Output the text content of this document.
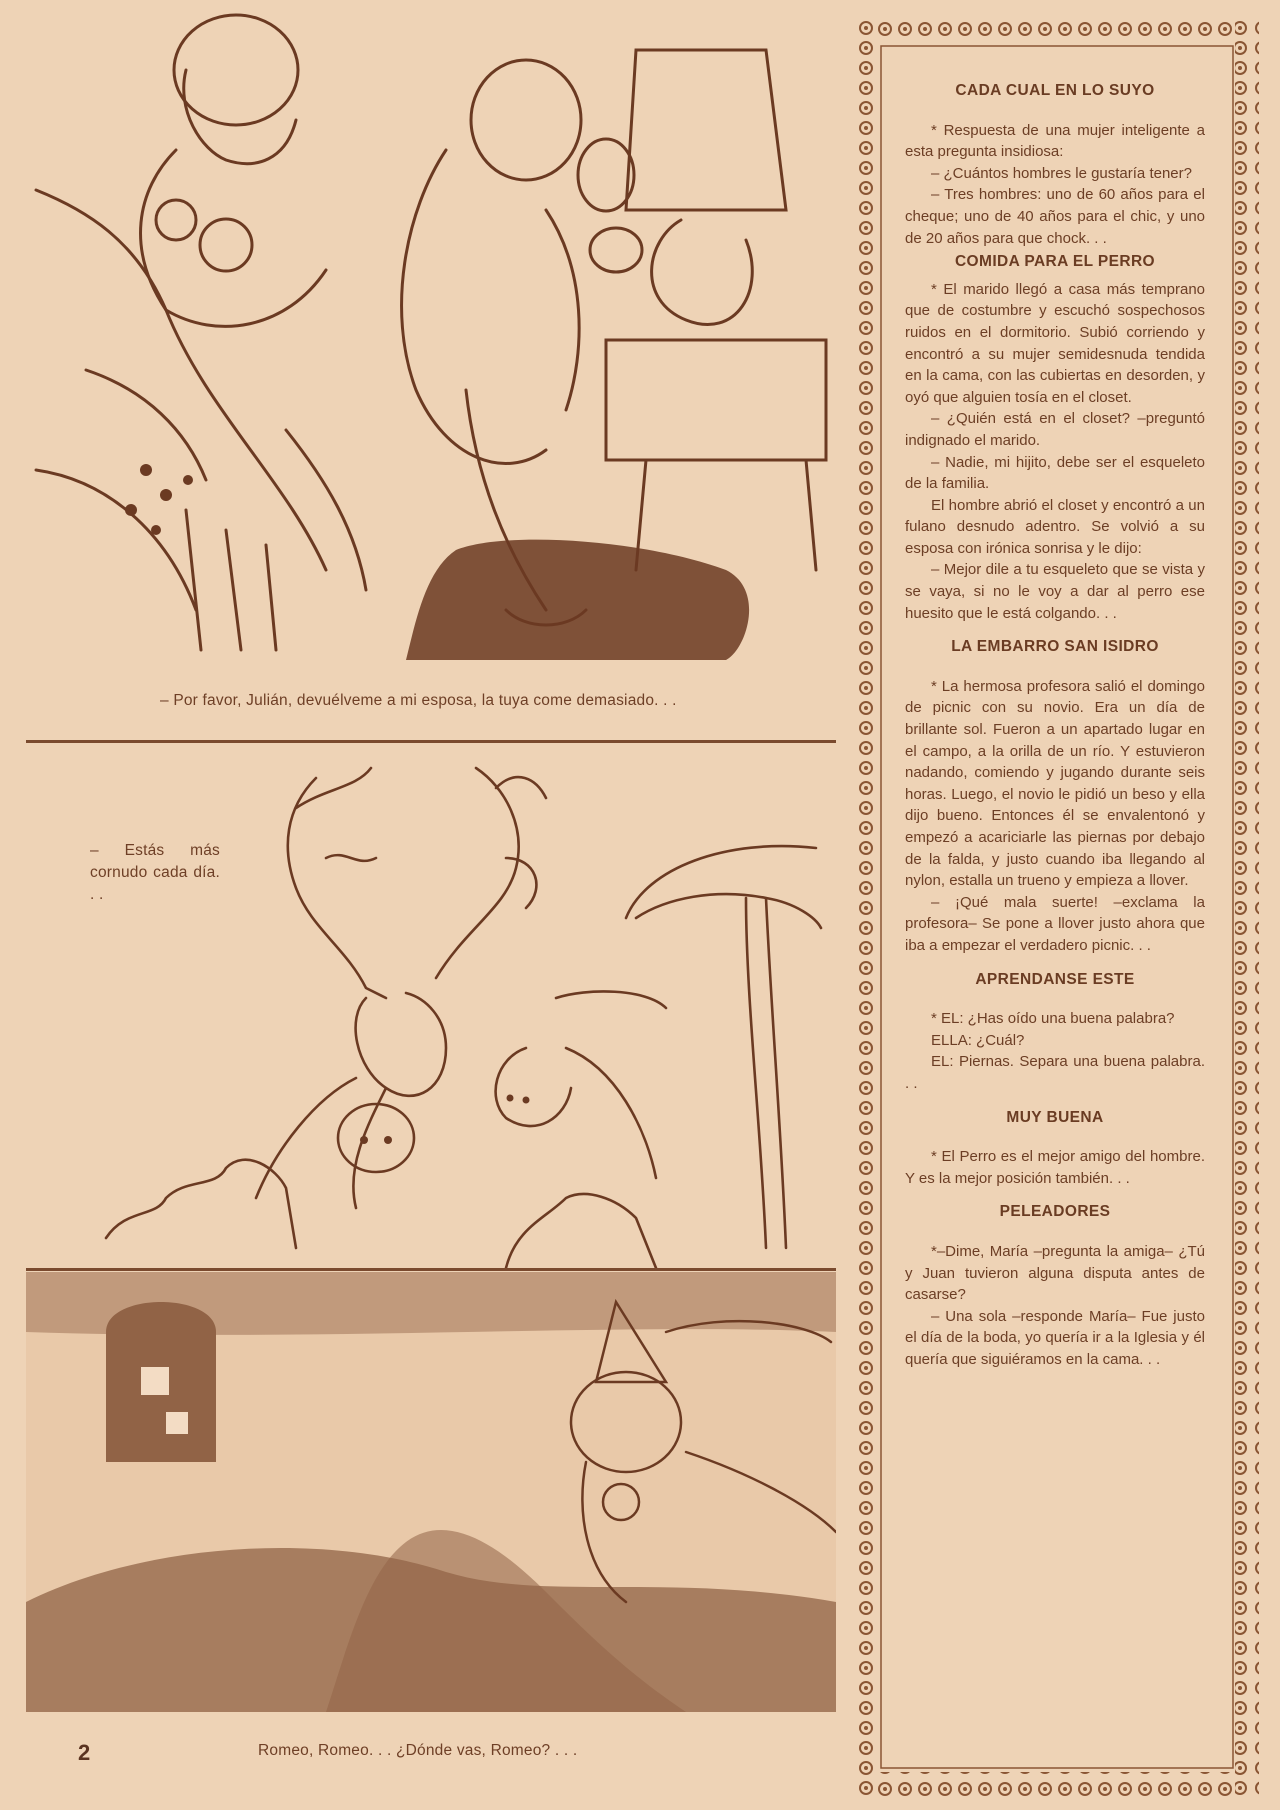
– Por favor, Julián, devuélveme a mi esposa, la tuya come demasiado. . .
– Estás más cornudo cada día. . .
Romeo, Romeo. . . ¿Dónde vas, Romeo? . . .
2
CADA CUAL EN LO SUYO

* Respuesta de una mujer inteligente a esta pregunta insidiosa:

– ¿Cuántos hombres le gustaría tener?

– Tres hombres: uno de 60 años para el cheque; uno de 40 años para el chic, y uno de 20 años para que chock. . .

COMIDA PARA EL PERRO

* El marido llegó a casa más temprano que de costumbre y escuchó sospechosos ruidos en el dormitorio. Subió corriendo y encontró a su mujer semidesnuda tendida en la cama, con las cubiertas en desorden, y oyó que alguien tosía en el closet.

– ¿Quién está en el closet? –preguntó indignado el marido.

– Nadie, mi hijito, debe ser el esqueleto de la familia.

El hombre abrió el closet y encontró a un fulano desnudo adentro. Se volvió a su esposa con irónica sonrisa y le dijo:

– Mejor dile a tu esqueleto que se vista y se vaya, si no le voy a dar al perro ese huesito que le está colgando. . .

LA EMBARRO SAN ISIDRO

* La hermosa profesora salió el domingo de picnic con su novio. Era un día de brillante sol. Fueron a un apartado lugar en el campo, a la orilla de un río. Y estuvieron nadando, comiendo y jugando durante seis horas. Luego, el novio le pidió un beso y ella dijo bueno. Entonces él se envalentonó y empezó a acariciarle las piernas por debajo de la falda, y justo cuando iba llegando al nylon, estalla un trueno y empieza a llover.

– ¡Qué mala suerte! –exclama la profesora– Se pone a llover justo ahora que iba a empezar el verdadero picnic. . .

APRENDANSE ESTE

* EL: ¿Has oído una buena palabra?

ELLA: ¿Cuál?

EL: Piernas. Separa una buena palabra. . .

MUY BUENA

* El Perro es el mejor amigo del hombre. Y es la mejor posición también. . .

PELEADORES

*–Dime, María –pregunta la amiga– ¿Tú y Juan tuvieron alguna disputa antes de casarse?

– Una sola –responde María– Fue justo el día de la boda, yo quería ir a la Iglesia y él quería que siguiéramos en la cama. . .
